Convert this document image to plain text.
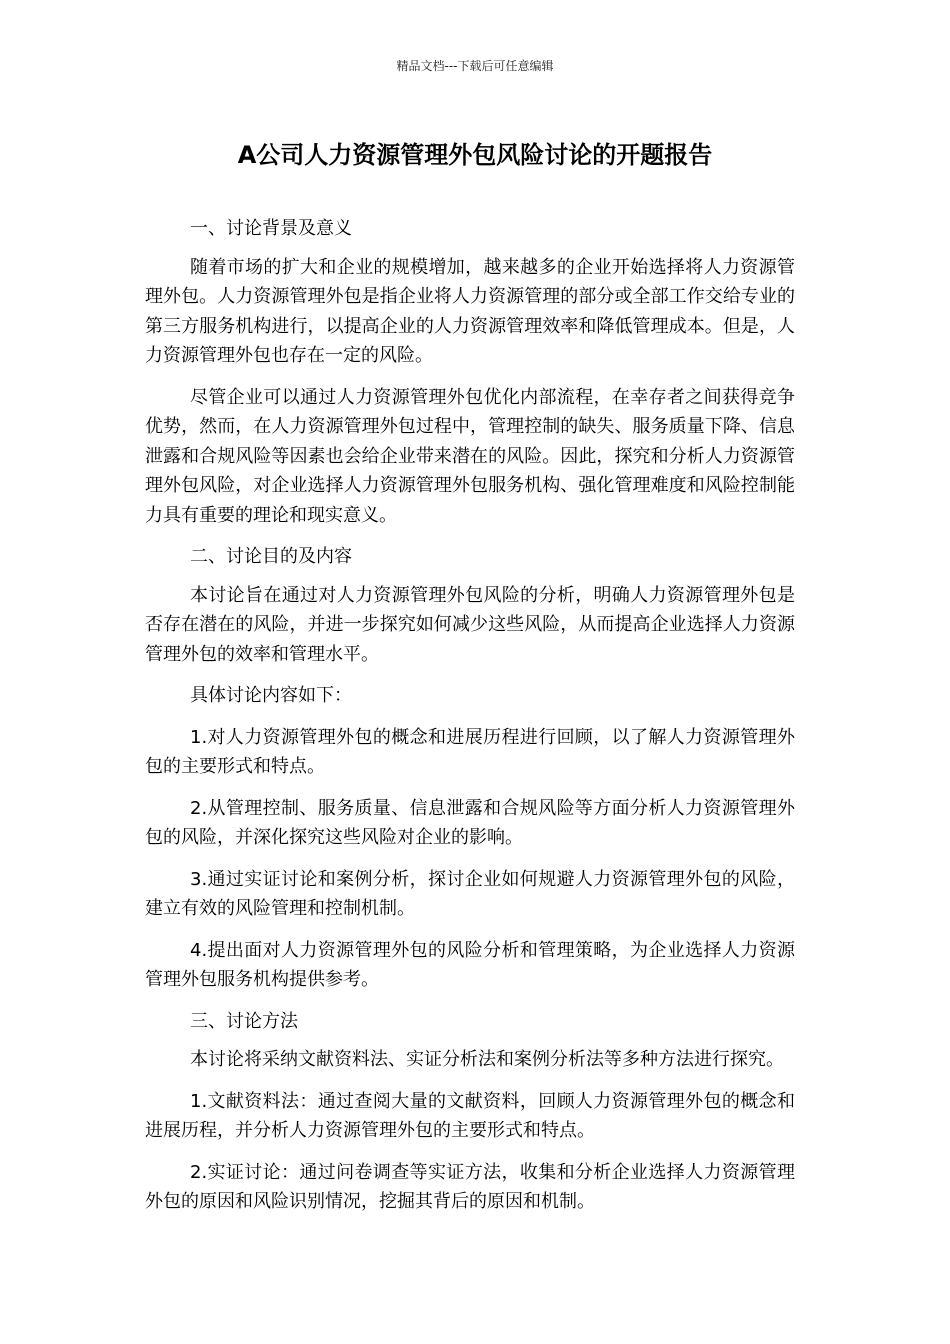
精品文档---下载后可任意编辑
A公司人力资源管理外包风险讨论的开题报告

一、讨论背景及意义

随着市场的扩大和企业的规模增加，越来越多的企业开始选择将人力资源管理外包。人力资源管理外包是指企业将人力资源管理的部分或全部工作交给专业的第三方服务机构进行，以提高企业的人力资源管理效率和降低管理成本。但是，人力资源管理外包也存在一定的风险。

尽管企业可以通过人力资源管理外包优化内部流程，在幸存者之间获得竞争优势，然而，在人力资源管理外包过程中，管理控制的缺失、服务质量下降、信息泄露和合规风险等因素也会给企业带来潜在的风险。因此，探究和分析人力资源管理外包风险，对企业选择人力资源管理外包服务机构、强化管理难度和风险控制能力具有重要的理论和现实意义。

二、讨论目的及内容

本讨论旨在通过对人力资源管理外包风险的分析，明确人力资源管理外包是否存在潜在的风险，并进一步探究如何减少这些风险，从而提高企业选择人力资源管理外包的效率和管理水平。

具体讨论内容如下：

1.对人力资源管理外包的概念和进展历程进行回顾，以了解人力资源管理外包的主要形式和特点。

2.从管理控制、服务质量、信息泄露和合规风险等方面分析人力资源管理外包的风险，并深化探究这些风险对企业的影响。

3.通过实证讨论和案例分析，探讨企业如何规避人力资源管理外包的风险，建立有效的风险管理和控制机制。

4.提出面对人力资源管理外包的风险分析和管理策略，为企业选择人力资源管理外包服务机构提供参考。

三、讨论方法

本讨论将采纳文献资料法、实证分析法和案例分析法等多种方法进行探究。

1.文献资料法：通过查阅大量的文献资料，回顾人力资源管理外包的概念和进展历程，并分析人力资源管理外包的主要形式和特点。

2.实证讨论：通过问卷调查等实证方法，收集和分析企业选择人力资源管理外包的原因和风险识别情况，挖掘其背后的原因和机制。
